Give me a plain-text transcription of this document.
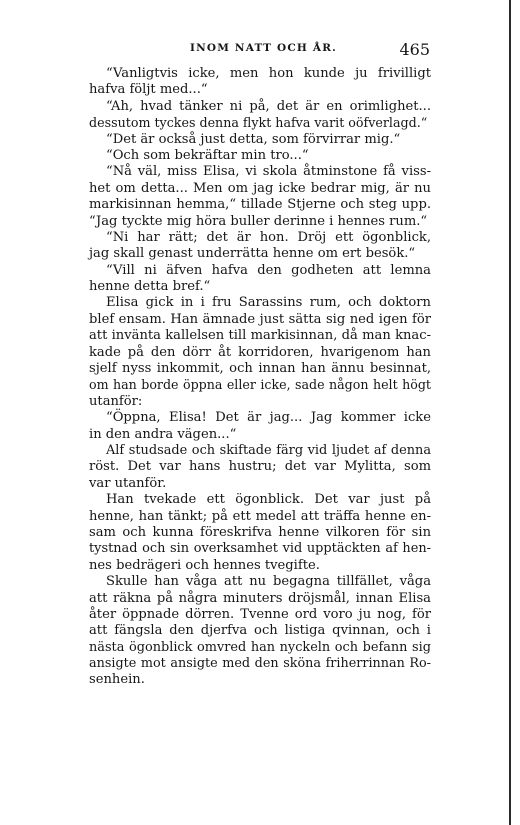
INOM NATT OCH ÅR.	465
“Vanligtvis icke, men hon kunde ju frivilligt
hafva följt med...“
“Ah, hvad tänker ni på, det är en orimlighet...
dessutom tyckes denna flykt hafva varit oöfverlagd.“
“Det är också just detta, som förvirrar mig.“
“Och som bekräftar min tro...“
“Nå väl, miss Elisa, vi skola åtminstone få viss-
het om detta... Men om jag icke bedrar mig, är nu
markisinnan hemma,“ tillade Stjerne och steg upp.
“Jag tyckte mig höra buller derinne i hennes rum.“
“Ni har rätt; det är hon. Dröj ett ögonblick,
jag skall genast underrätta henne om ert besök.“
“Vill ni äfven hafva den godheten att lemna
henne detta bref.“
Elisa gick in i fru Sarassins rum, och doktorn
blef ensam. Han ämnade just sätta sig ned igen för
att invänta kallelsen till markisinnan, då man knac-
kade på den dörr åt korridoren, hvarigenom han
sjelf nyss inkommit, och innan han ännu besinnat,
om han borde öppna eller icke, sade någon helt högt
utanför:
“Öppna, Elisa! Det är jag... Jag kommer icke
in den andra vägen...“
Alf studsade och skiftade färg vid ljudet af denna
röst. Det var hans hustru; det var Mylitta, som
var utanför.
Han tvekade ett ögonblick. Det var just på
henne, han tänkt; på ett medel att träffa henne en-
sam och kunna föreskrifva henne vilkoren för sin
tystnad och sin overksamhet vid upptäckten af hen-
nes bedrägeri och hennes tvegifte.
Skulle han våga att nu begagna tillfället, våga
att räkna på några minuters dröjsmål, innan Elisa
åter öppnade dörren. Tvenne ord voro ju nog, för
att fängsla den djerfva och listiga qvinnan, och i
nästa ögonblick omvred han nyckeln och befann sig
ansigte mot ansigte med den sköna friherrinnan Ro-
senhein.
